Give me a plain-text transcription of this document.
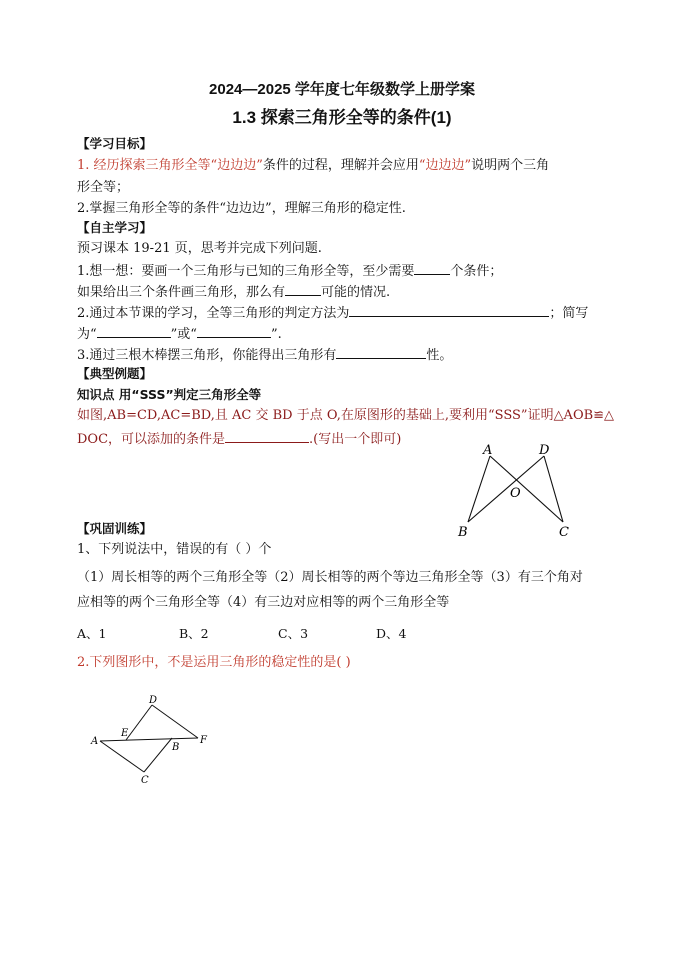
2024—2025 学年度七年级数学上册学案
1.3 探索三角形全等的条件(1)
【学习目标】
1. 经历探索三角形全等“边边边”条件的过程，理解并会应用“边边边”说明两个三角
形全等；
2.掌握三角形全等的条件“边边边”，理解三角形的稳定性.
【自主学习】
预习课本 19-21 页，思考并完成下列问题.
1.想一想：要画一个三角形与已知的三角形全等，至少需要	个条件；
如果给出三个条件画三角形，那么有	可能的情况.
2.通过本节课的学习，全等三角形的判定方法为	；简写
为“	”或“	”.
3.通过三根木棒摆三角形，你能得出三角形有	性。
【典型例题】
知识点 用“SSS”判定三角形全等
如图,AB=CD,AC=BD,且 AC 交 BD 于点 O,在原图形的基础上,要利用“SSS”证明△AOB≌△
DOC，可以添加的条件是	.(写出一个即可)
A	D
O
B	C
【巩固训练】
1、下列说法中，错误的有（ ）个
（1）周长相等的两个三角形全等（2）周长相等的两个等边三角形全等（3）有三个角对
应相等的两个三角形全等（4）有三边对应相等的两个三角形全等
A、1	B、2	C、3	D、4
2.下列图形中，不是运用三角形的稳定性的是( )
D
E
A
B
F
C
